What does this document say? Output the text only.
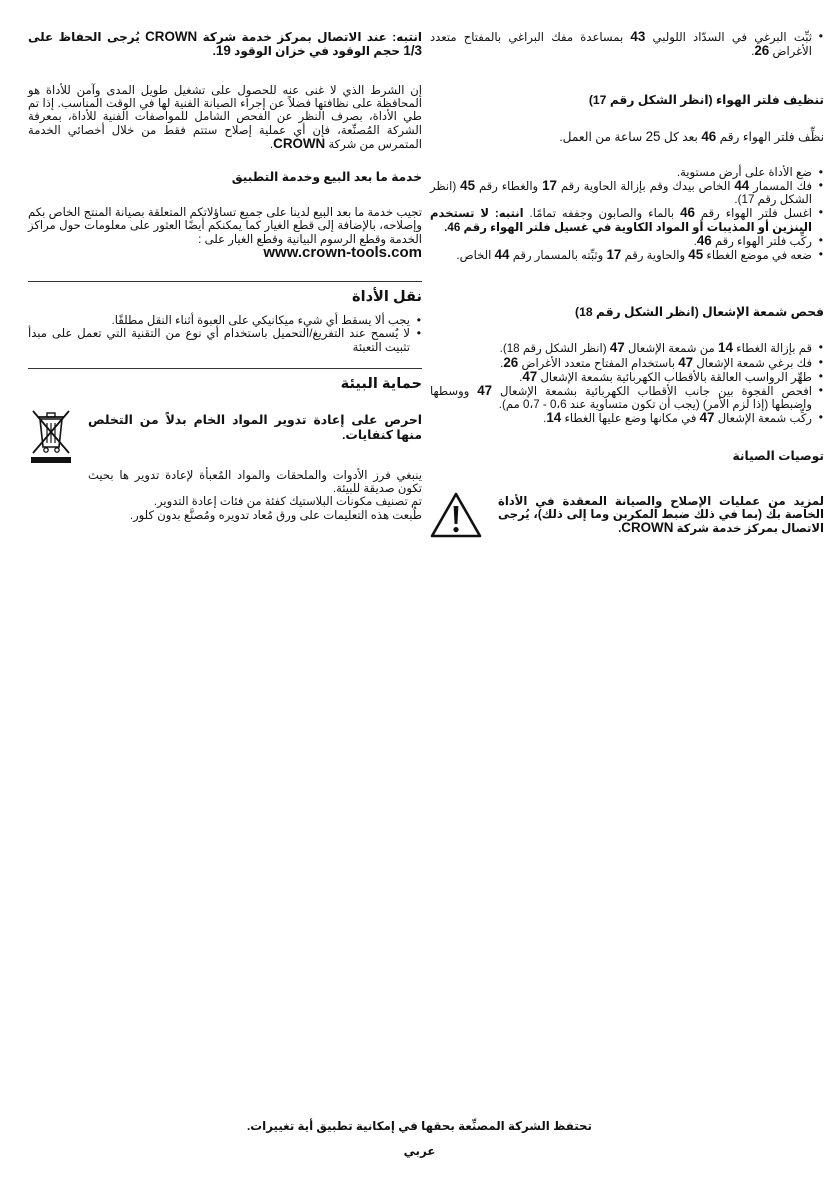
• ثبِّت البرغي في السدّاد اللولبي 43 بمساعدة مفك البراغي بالمفتاح متعدد الأغراض 26.

تنظيف فلتر الهواء (انظر الشكل رقم 17)

نظِّف فلتر الهواء رقم 46 بعد كل 25 ساعة من العمل.

• ضع الأداة على أرض مستوية.
• فك المسمار 44 الخاص بيدك وقم بإزالة الحاوية رقم 17 والغطاء رقم 45 (انظر الشكل رقم 17).
• اغسل فلتر الهواء رقم 46 بالماء والصابون وجففه تمامًا. انتبه: لا تستخدم البنزين أو المذيبات أو المواد الكاوية في غسيل فلتر الهواء رقم 46.
• ركِّب فلتر الهواء رقم 46.
• ضعه في موضع الغطاء 45 والحاوية رقم 17 وثبِّته بالمسمار رقم 44 الخاص.

فحص شمعة الإشعال (انظر الشكل رقم 18)

• قم بإزالة الغطاء 14 من شمعة الإشعال 47 (انظر الشكل رقم 18).
• فك برغي شمعة الإشعال 47 باستخدام المفتاح متعدد الأغراض 26.
• طهِّر الرواسب العالقة بالأقطاب الكهربائية بشمعة الإشعال 47.
• افحص الفجوة بين جانب الأقطاب الكهربائية بشمعة الإشعال 47 ووسطها واضبطها (إذا لزم الأمر) (يجب أن تكون متساوية عند 0،6 - 0،7 مم).
• ركِّب شمعة الإشعال 47 في مكانها وضع عليها الغطاء 14.

توصيات الصيانة

لمزيد من عمليات الإصلاح والصيانة المعقدة في الأداة الخاصة بك (بما في ذلك ضبط المكربن وما إلى ذلك)، يُرجى الاتصال بمركز خدمة شركة CROWN.

انتبه: عند الاتصال بمركز خدمة شركة CROWN يُرجى الحفاظ على 1/3 حجم الوقود في خزان الوقود 19.

إن الشرط الذي لا غنى عنه للحصول على تشغيل طويل المدى وآمن للأداة هو المحافظة على نظافتها فضلاً عن إجراء الصيانة الفنية لها في الوقت المناسب. إذا تم طي الأداة، بصرف النظر عن الفحص الشامل للمواصفات الفنية للأداة، بمعرفة الشركة المُصنِّعة، فإن أي عملية إصلاح ستتم فقط من خلال أخصائي الخدمة المتمرس من شركة CROWN.

خدمة ما بعد البيع وخدمة التطبيق

تجيب خدمة ما بعد البيع لدينا على جميع تساؤلاتكم المتعلقة بصيانة المنتج الخاص بكم وإصلاحه، بالإضافة إلى قطع الغيار كما يمكنكم أيضًا العثور على معلومات حول مراكز الخدمة وقطع الرسوم البيانية وقطع الغيار على :

www.crown-tools.com

نقل الأداة

• يجب ألا يسقط أي شيء ميكانيكي على العبوة أثناء النقل مطلقًا.
• لا يُسمح عند التفريغ/التحميل باستخدام أي نوع من التقنية التي تعمل على مبدأ تثبيت التعبئة

حماية البيئة

احرص على إعادة تدوير المواد الخام بدلاً من التخلص منها كنفايات.

ينبغي فرز الأدوات والملحقات والمواد المُعبأة لإعادة تدوير ها بحيث تكون صديقة للبيئة.

تم تصنيف مكونات البلاستيك كفئة من فئات إعادة التدوير.

طُبعت هذه التعليمات على ورق مُعاد تدويره ومُصنَّع بدون كلور.

تحتفظ الشركة المصنِّعة بحقها في إمكانية تطبيق أية تغييرات.
عربي
